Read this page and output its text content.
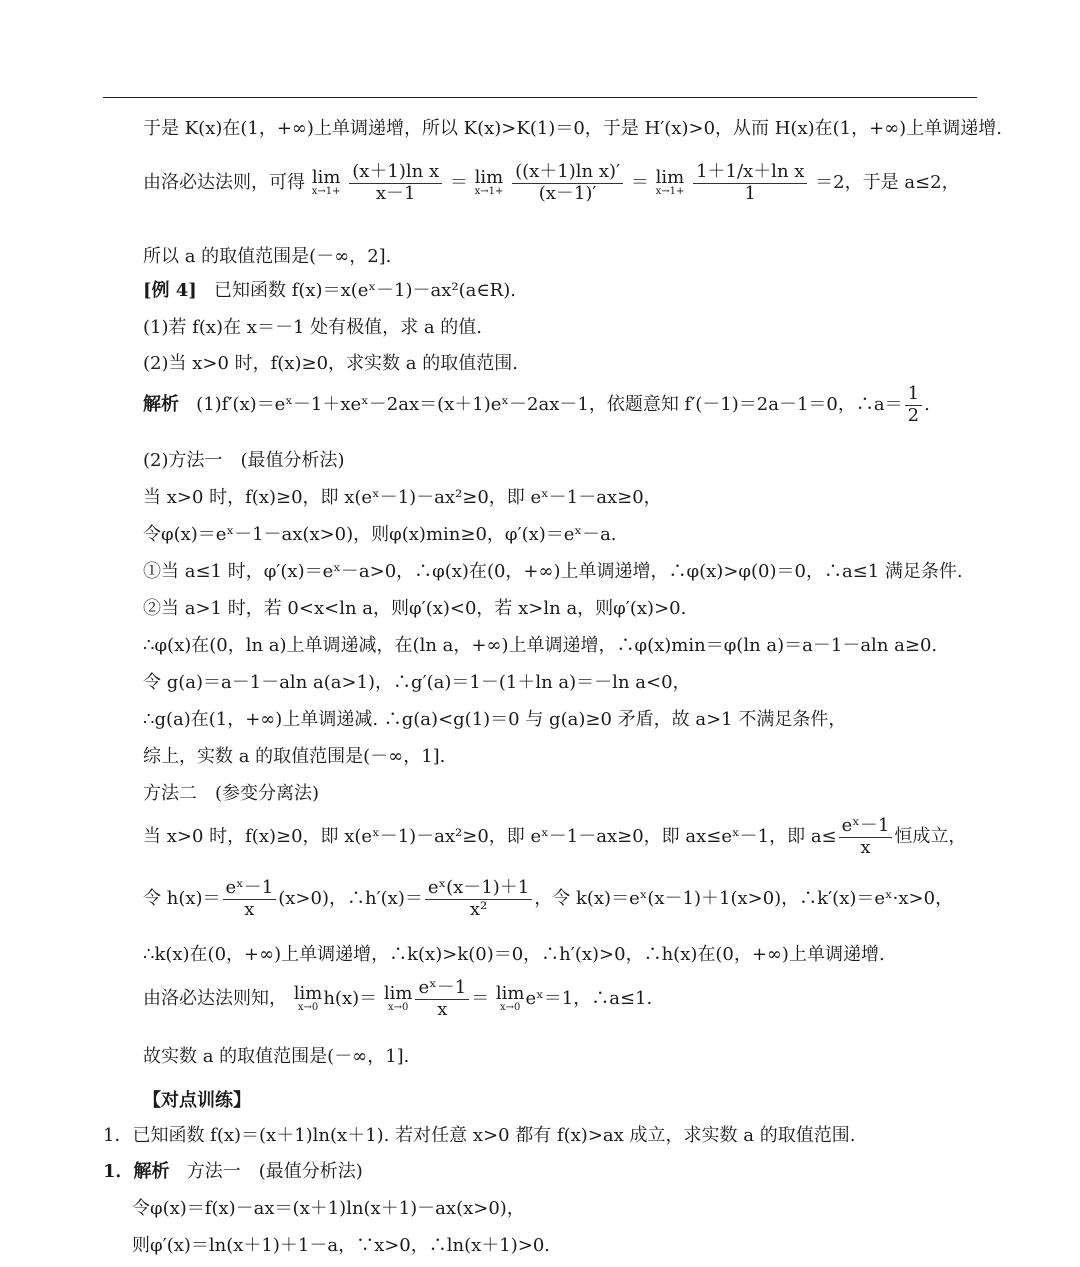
于是 K(x)在(1，+∞)上单调递增，所以 K(x)>K(1)＝0，于是 H′(x)>0，从而 H(x)在(1，+∞)上单调递增.
由洛必达法则，可得 lim
x→1+
$\frac{\text{(x＋1)ln x}}{x-1} = \lim$
x→1+
$\frac{\text{((x＋1)ln x)′}}{(x-1)'} = \lim$
x→1+
$\frac{\text{1＋1/x＋ln x}}{1} =2$，于是 a≤2，
所以 a 的取值范围是(－∞，2].
[例 4] 已知函数 f(x)＝x(eˣ－1)－ax²(a∈R).
(1)若 f(x)在 x＝－1 处有极值，求 a 的值.
(2)当 x>0 时，f(x)≥0，求实数 a 的取值范围.
解析 (1)f′(x)＝eˣ－1＋xeˣ－2ax＝(x＋1)eˣ－2ax－1，依题意知 f′(－1)＝2a－1＝0，∴a＝ $\frac{1}{2}$ .
(2)方法一　(最值分析法)
当 x>0 时，f(x)≥0，即 x(eˣ－1)－ax²≥0，即 eˣ－1－ax≥0，
令φ(x)＝eˣ－1－ax(x>0)，则φ(x)min≥0，φ′(x)＝eˣ－a.
①当 a≤1 时，φ′(x)＝eˣ－a>0，∴φ(x)在(0，+∞)上单调递增，∴φ(x)>φ(0)＝0，∴a≤1 满足条件.
②当 a>1 时，若 0<x<ln a，则φ′(x)<0，若 x>ln a，则φ′(x)>0.
∴φ(x)在(0，ln a)上单调递减，在(ln a，+∞)上单调递增，∴φ(x)min＝φ(ln a)＝a－1－aln a≥0.
令 g(a)＝a－1－aln a(a>1)，∴g′(a)＝1－(1＋ln a)＝－ln a<0，
∴g(a)在(1，+∞)上单调递减. ∴g(a)<g(1)＝0 与 g(a)≥0 矛盾，故 a>1 不满足条件，
综上，实数 a 的取值范围是(－∞，1].
方法二　(参变分离法)
当 x>0 时，f(x)≥0，即 x(eˣ－1)－ax²≥0，即 eˣ－1－ax≥0，即 ax≤eˣ－1，即 $a\le \frac{\text{eˣ－1}}{x}$ 恒成立，
令 $h(x)= \frac{\text{eˣ－1}}{x} (x>0)$，∴h′(x)＝ $\frac{\text{eˣ(x－1)＋1}}{\text{x²}}$ ，令 k(x)＝eˣ(x－1)＋1(x>0)，∴k′(x)＝eˣ·x>0，
∴k(x)在(0，+∞)上单调递增，∴k(x)>k(0)＝0，∴h′(x)>0，∴h(x)在(0，+∞)上单调递增.
由洛必达法则知， lim
x→0 h(x)＝ lim
$x\to 0 \frac{\text{eˣ－1}}{x} = \lim$
x→0 eˣ＝1，∴a≤1.
故实数 a 的取值范围是(－∞，1].
【对点训练】
1．已知函数 f(x)＝(x＋1)ln(x＋1). 若对任意 x>0 都有 f(x)>ax 成立，求实数 a 的取值范围.
1．解析 方法一　(最值分析法)
令φ(x)＝f(x)－ax＝(x＋1)ln(x＋1)－ax(x>0)，
则φ′(x)＝ln(x＋1)＋1－a，∵x>0，∴ln(x＋1)>0.
